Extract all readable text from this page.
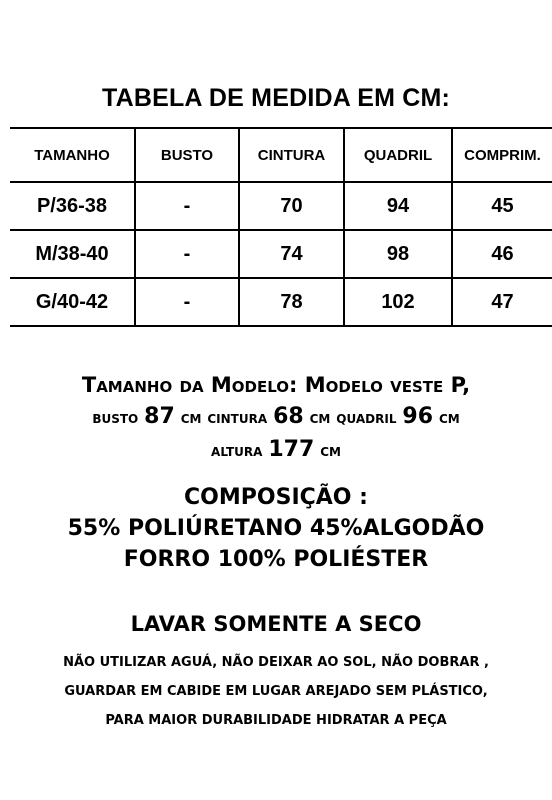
TABELA DE MEDIDA EM CM:
TAMANHO	BUSTO	CINTURA	QUADRIL	COMPRIM.
P/36-38	-	70	94	45
M/38-40	-	74	98	46
G/40-42	-	78	102	47
Tamanho da Modelo: Modelo veste P,
busto 87 cm cintura 68 cm quadril 96 cm
altura 177 cm
COMPOSIÇÃO :
55% POLIÚRETANO 45%ALGODÃO
FORRO 100% POLIÉSTER
LAVAR SOMENTE A SECO
NÃO UTILIZAR AGUÁ, NÃO DEIXAR AO SOL, NÃO DOBRAR ,
GUARDAR EM CABIDE EM LUGAR AREJADO SEM PLÁSTICO,
PARA MAIOR DURABILIDADE HIDRATAR A PEÇA
